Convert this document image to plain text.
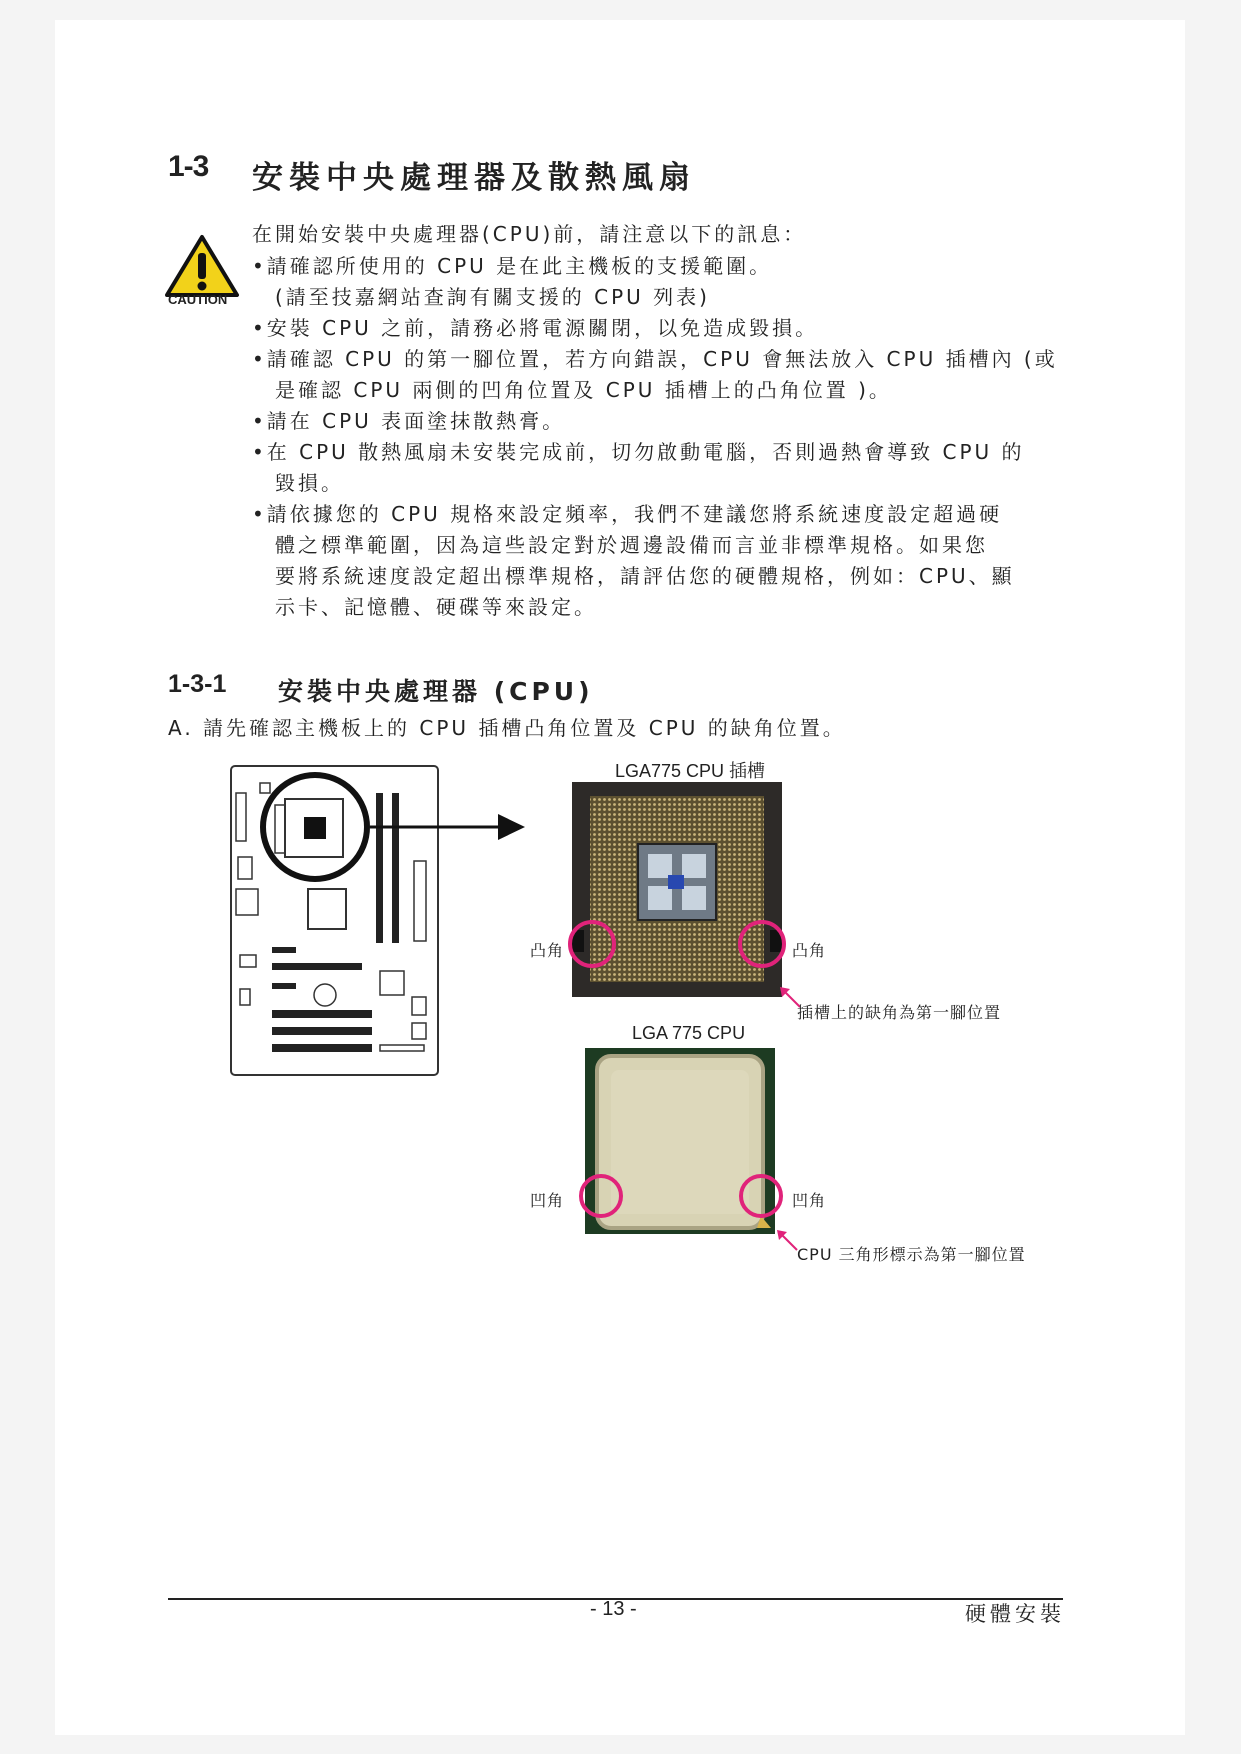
1-3 安裝中央處理器及散熱風扇
CAUTION
在開始安裝中央處理器(CPU)前，請注意以下的訊息：
•請確認所使用的 CPU 是在此主機板的支援範圍。
(請至技嘉網站查詢有關支援的 CPU 列表)
•安裝 CPU 之前，請務必將電源關閉，以免造成毀損。
•請確認 CPU 的第一腳位置，若方向錯誤，CPU 會無法放入 CPU 插槽內 (或
是確認 CPU 兩側的凹角位置及 CPU 插槽上的凸角位置 )。
•請在 CPU 表面塗抹散熱膏。
•在 CPU 散熱風扇未安裝完成前，切勿啟動電腦，否則過熱會導致 CPU 的
毀損。
•請依據您的 CPU 規格來設定頻率，我們不建議您將系統速度設定超過硬
體之標準範圍，因為這些設定對於週邊設備而言並非標準規格。如果您
要將系統速度設定超出標準規格，請評估您的硬體規格，例如：CPU、顯
示卡、記憶體、硬碟等來設定。
1-3-1 安裝中央處理器 (CPU)
A. 請先確認主機板上的 CPU 插槽凸角位置及 CPU 的缺角位置。
LGA775 CPU 插槽
凸角	凸角
插槽上的缺角為第一腳位置
LGA 775 CPU
凹角	凹角
CPU 三角形標示為第一腳位置
- 13 -	硬體安裝
